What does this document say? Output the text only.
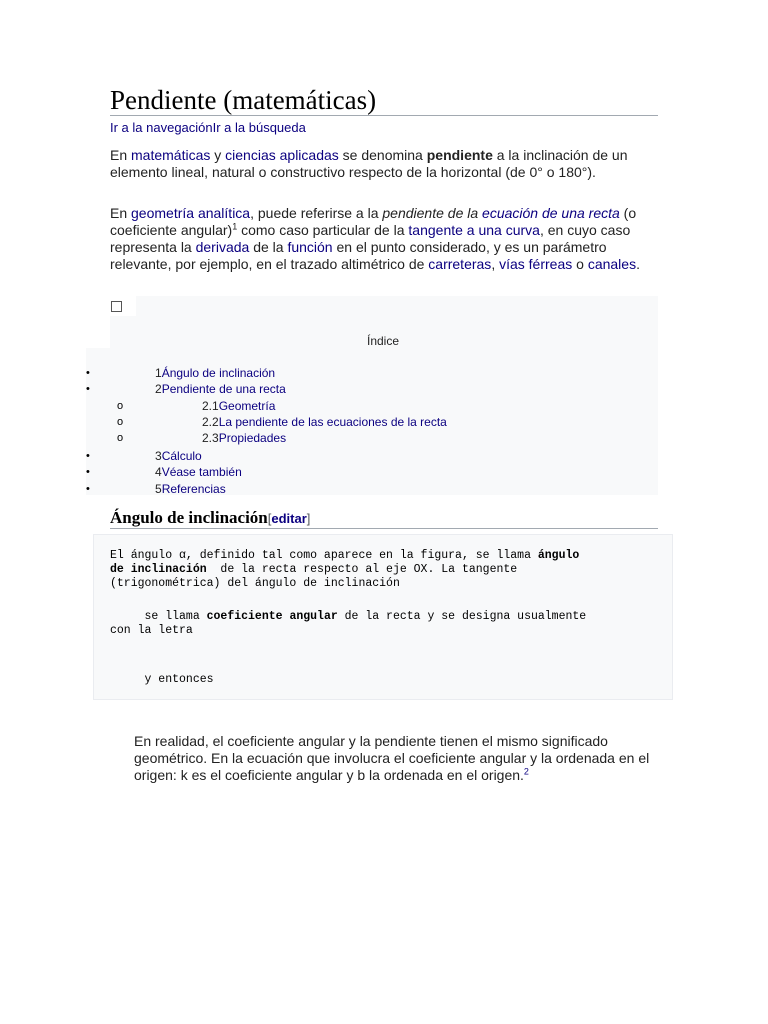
Pendiente (matemáticas)
Ir a la navegaciónIr a la búsqueda

En matemáticas y ciencias aplicadas se denomina pendiente a la inclinación de un elemento lineal, natural o constructivo respecto de la horizontal (de 0° o 180°).

En geometría analítica, puede referirse a la pendiente de la ecuación de una recta (o coeficiente angular)$^1$ como caso particular de la tangente a una curva, en cuyo caso representa la derivada de la función en el punto considerado, y es un parámetro relevante, por ejemplo, en el trazado altimétrico de carreteras, vías férreas o canales.

Índice
•	1Ángulo de inclinación
•	2Pendiente de una recta
o	2.1Geometría
o	2.2La pendiente de las ecuaciones de la recta
o	2.3Propiedades
•	3Cálculo
•	4Véase también
•	5Referencias
Ángulo de inclinación[editar]
El ángulo α, definido tal como aparece en la figura, se llama ángulo
de inclinación  de la recta respecto al eje OX. La tangente
(trigonométrica) del ángulo de inclinación
se llama coeficiente angular de la recta y se designa usualmente
con la letra
y entonces

En realidad, el coeficiente angular y la pendiente tienen el mismo significado geométrico. En la ecuación que involucra el coeficiente angular y la ordenada en el origen: k es el coeficiente angular y b la ordenada en el origen.$^2$
